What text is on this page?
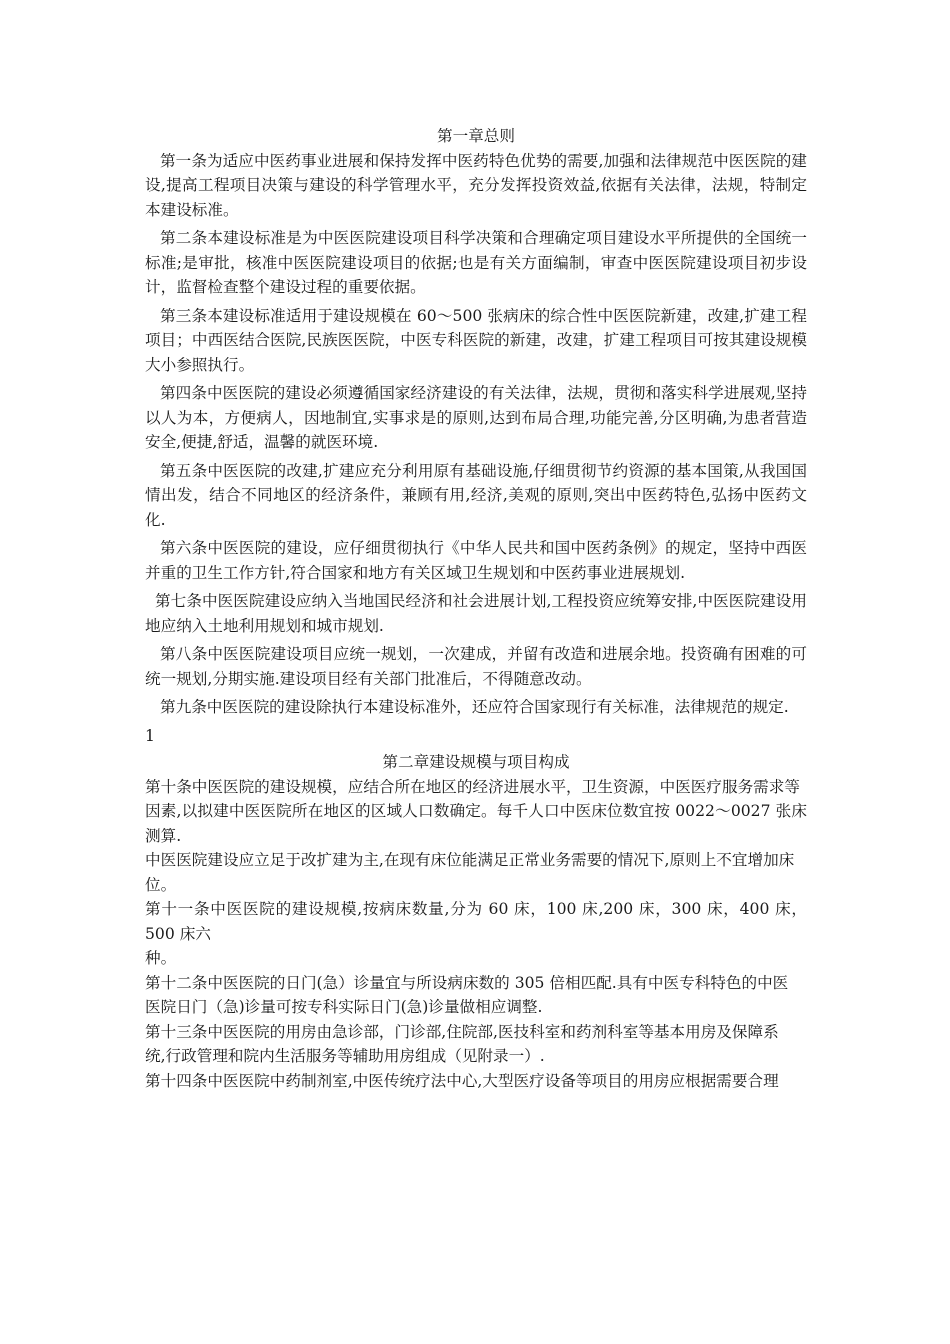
第一章总则

第一条为适应中医药事业进展和保持发挥中医药特色优势的需要,加强和法律规范中医医院的建设,提高工程项目决策与建设的科学管理水平，充分发挥投资效益,依据有关法律，法规，特制定本建设标准。

第二条本建设标准是为中医医院建设项目科学决策和合理确定项目建设水平所提供的全国统一标准;是审批，核准中医医院建设项目的依据;也是有关方面编制，审查中医医院建设项目初步设计，监督检查整个建设过程的重要依据。

第三条本建设标准适用于建设规模在 60～500 张病床的综合性中医医院新建，改建,扩建工程项目；中西医结合医院,民族医医院，中医专科医院的新建，改建，扩建工程项目可按其建设规模大小参照执行。

第四条中医医院的建设必须遵循国家经济建设的有关法律，法规，贯彻和落实科学进展观,坚持以人为本，方便病人，因地制宜,实事求是的原则,达到布局合理,功能完善,分区明确,为患者营造安全,便捷,舒适，温馨的就医环境.

第五条中医医院的改建,扩建应充分利用原有基础设施,仔细贯彻节约资源的基本国策,从我国国情出发，结合不同地区的经济条件，兼顾有用,经济,美观的原则,突出中医药特色,弘扬中医药文化.

第六条中医医院的建设，应仔细贯彻执行《中华人民共和国中医药条例》的规定，坚持中西医并重的卫生工作方针,符合国家和地方有关区域卫生规划和中医药事业进展规划.

第七条中医医院建设应纳入当地国民经济和社会进展计划,工程投资应统筹安排,中医医院建设用地应纳入土地利用规划和城市规划.

第八条中医医院建设项目应统一规划，一次建成，并留有改造和进展余地。投资确有困难的可统一规划,分期实施.建设项目经有关部门批准后，不得随意改动。

第九条中医医院的建设除执行本建设标准外，还应符合国家现行有关标准，法律规范的规定.

1

第二章建设规模与项目构成

第十条中医医院的建设规模，应结合所在地区的经济进展水平，卫生资源，中医医疗服务需求等

因素,以拟建中医医院所在地区的区域人口数确定。每千人口中医床位数宜按 0022～0027 张床测算.

中医医院建设应立足于改扩建为主,在现有床位能满足正常业务需要的情况下,原则上不宜增加床

位。

第十一条中医医院的建设规模,按病床数量,分为 60 床，100 床,200 床，300 床，400 床，500 床六

种。

第十二条中医医院的日门(急）诊量宜与所设病床数的 305 倍相匹配.具有中医专科特色的中医

医院日门（急)诊量可按专科实际日门(急)诊量做相应调整.

第十三条中医医院的用房由急诊部，门诊部,住院部,医技科室和药剂科室等基本用房及保障系

统,行政管理和院内生活服务等辅助用房组成（见附录一）.

第十四条中医医院中药制剂室,中医传统疗法中心,大型医疗设备等项目的用房应根据需要合理
